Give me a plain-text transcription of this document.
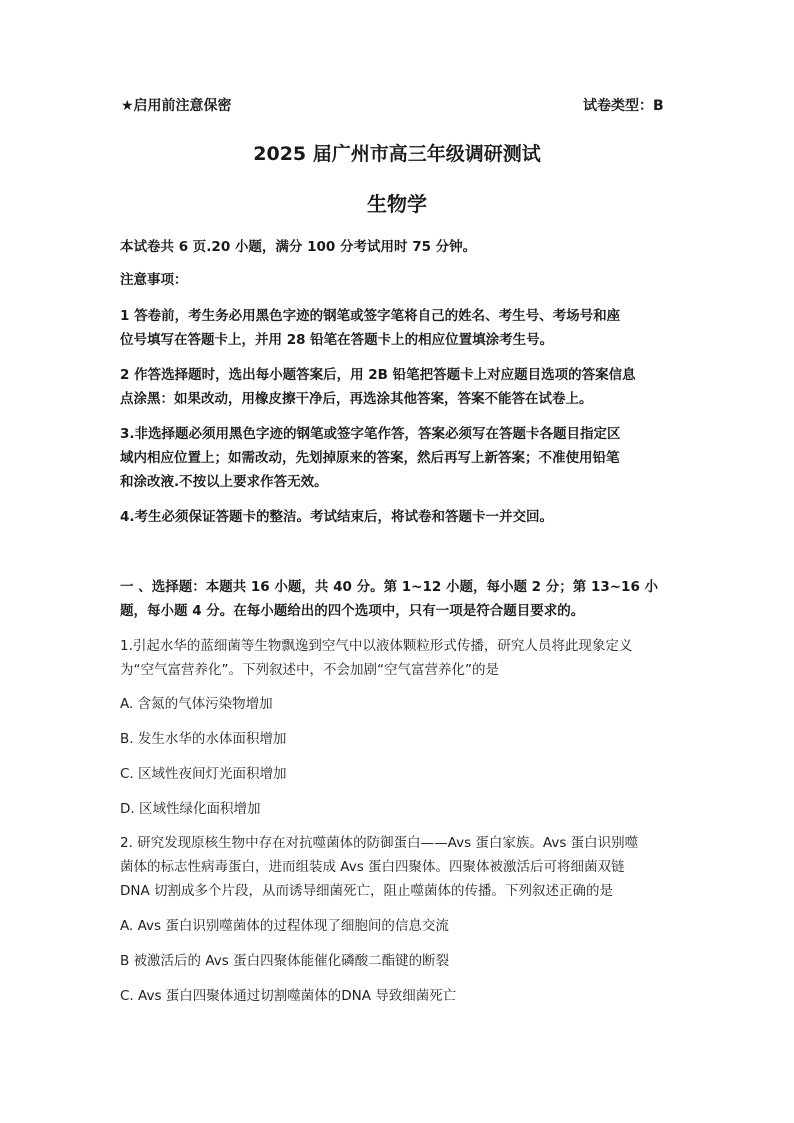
★启用前注意保密	试卷类型：B
2025 届广州市高三年级调研测试
生物学
本试卷共 6 页.20 小题，满分 100 分考试用时 75 分钟。
注意事项：
1 答卷前，考生务必用黑色字迹的钢笔或签字笔将自己的姓名、考生号、考场号和座
位号填写在答题卡上，并用 28 铅笔在答题卡上的相应位置填涂考生号。
2 作答选择题时，选出每小题答案后，用 2B 铅笔把答题卡上对应题目选项的答案信息
点涂黑：如果改动，用橡皮擦干净后，再选涂其他答案，答案不能答在试卷上。
3.非选择题必须用黑色字迹的钢笔或签字笔作答，答案必须写在答题卡各题目指定区
域内相应位置上；如需改动，先划掉原来的答案，然后再写上新答案；不准使用铅笔
和涂改液.不按以上要求作答无效。
4.考生必须保证答题卡的整洁。考试结束后，将试卷和答题卡一并交回。
一 、选择题：本题共 16 小题，共 40 分。第 1~12 小题，每小题 2 分；第 13~16 小
题，每小题 4 分。在每小题给出的四个选项中，只有一项是符合题目要求的。
1.引起水华的蓝细菌等生物飘逸到空气中以液体颗粒形式传播，研究人员将此现象定义
为“空气富营养化”。下列叙述中，不会加剧“空气富营养化”的是
A. 含氮的气体污染物增加
B. 发生水华的水体面积增加
C. 区域性夜间灯光面积增加
D. 区域性绿化面积增加
2. 研究发现原核生物中存在对抗噬菌体的防御蛋白——Avs 蛋白家族。Avs 蛋白识别噬
菌体的标志性病毒蛋白，进而组装成 Avs 蛋白四聚体。四聚体被激活后可将细菌双链
DNA 切割成多个片段，从而诱导细菌死亡，阻止噬菌体的传播。下列叙述正确的是
A. Avs 蛋白识别噬菌体的过程体现了细胞间的信息交流
B 被激活后的 Avs 蛋白四聚体能催化磷酸二酯键的断裂
C. Avs 蛋白四聚体通过切割噬菌体的DNA 导致细菌死亡
